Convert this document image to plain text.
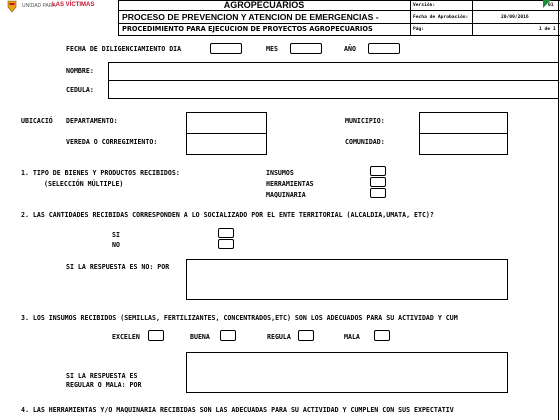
UNIDAD PARA
LAS VÍCTIMAS	AGROPECUARIOS
PROCESO DE PREVENCION Y ATENCION DE EMERGENCIAS -
PROCEDIMIENTO PARA EJECUCION DE PROYECTOS AGROPECUARIOS
Versión:	01
Fecha de Aprobación:	20/09/2016
Pág:	1 de 1
FECHA DE DILIGENCIAMIENTO DIA	MES	AÑO
NOMBRE:
CEDULA:
UBICACIÓ DEPARTAMENTO:	MUNICIPIO:
VEREDA O CORREGIMIENTO:	COMUNIDAD:
1. TIPO DE BIENES Y PRODUCTOS RECIBIDOS:
(SELECCIÓN MÚLTIPLE)
INSUMOS
HERRAMIENTAS
MAQUINARIA
2. LAS CANTIDADES RECIBIDAS CORRESPONDEN A LO SOCIALIZADO POR EL ENTE TERRITORIAL (ALCALDIA,UMATA, ETC)?
SI
NO
SI LA RESPUESTA ES NO: POR
3. LOS INSUMOS RECIBIDOS (SEMILLAS, FERTILIZANTES, CONCENTRADOS,ETC) SON LOS ADECUADOS PARA SU ACTIVIDAD Y CUM
EXCELEN	BUENA	REGULA	MALA
SI LA RESPUESTA ES
REGULAR O MALA: POR
4. LAS HERRAMIENTAS Y/O MAQUINARIA RECIBIDAS SON LAS ADECUADAS PARA SU ACTIVIDAD Y CUMPLEN CON SUS EXPECTATIV
